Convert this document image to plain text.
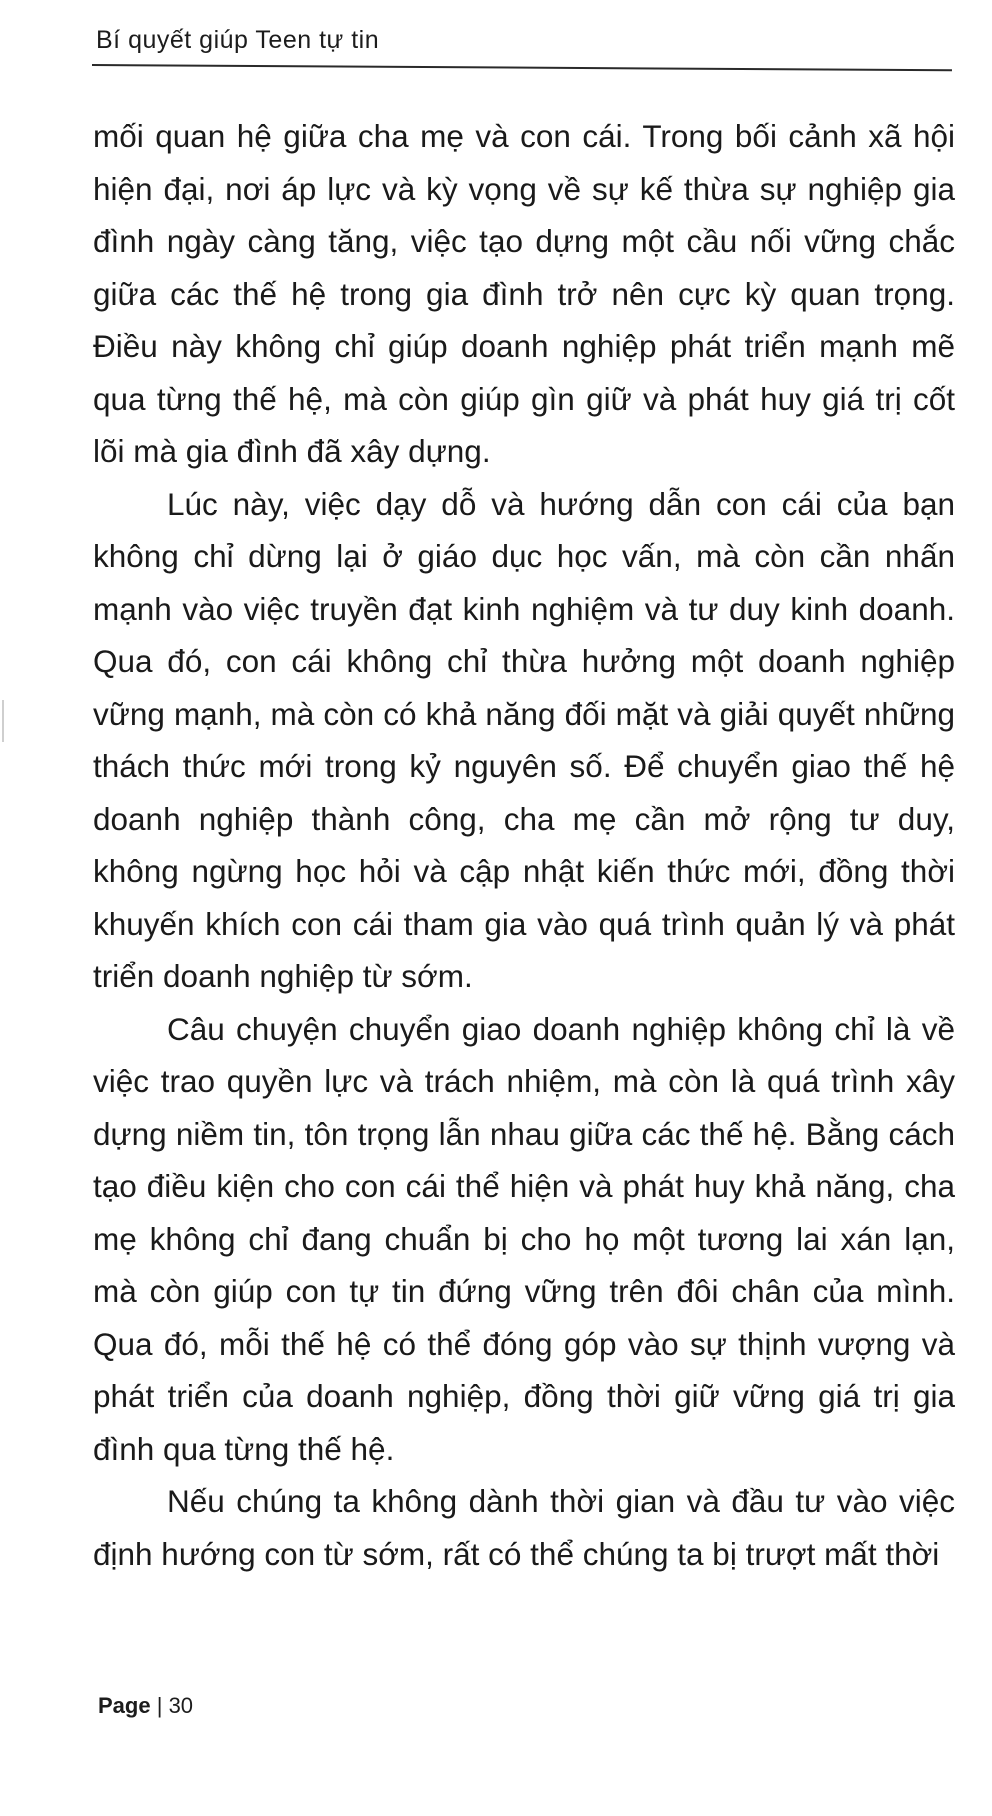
Bí quyết giúp Teen tự tin

mối quan hệ giữa cha mẹ và con cái. Trong bối cảnh xã hội hiện đại, nơi áp lực và kỳ vọng về sự kế thừa sự nghiệp gia đình ngày càng tăng, việc tạo dựng một cầu nối vững chắc giữa các thế hệ trong gia đình trở nên cực kỳ quan trọng. Điều này không chỉ giúp doanh nghiệp phát triển mạnh mẽ qua từng thế hệ, mà còn giúp gìn giữ và phát huy giá trị cốt lõi mà gia đình đã xây dựng.

Lúc này, việc dạy dỗ và hướng dẫn con cái của bạn không chỉ dừng lại ở giáo dục học vấn, mà còn cần nhấn mạnh vào việc truyền đạt kinh nghiệm và tư duy kinh doanh. Qua đó, con cái không chỉ thừa hưởng một doanh nghiệp vững mạnh, mà còn có khả năng đối mặt và giải quyết những thách thức mới trong kỷ nguyên số. Để chuyển giao thế hệ doanh nghiệp thành công, cha mẹ cần mở rộng tư duy, không ngừng học hỏi và cập nhật kiến thức mới, đồng thời khuyến khích con cái tham gia vào quá trình quản lý và phát triển doanh nghiệp từ sớm.

Câu chuyện chuyển giao doanh nghiệp không chỉ là về việc trao quyền lực và trách nhiệm, mà còn là quá trình xây dựng niềm tin, tôn trọng lẫn nhau giữa các thế hệ. Bằng cách tạo điều kiện cho con cái thể hiện và phát huy khả năng, cha mẹ không chỉ đang chuẩn bị cho họ một tương lai xán lạn, mà còn giúp con tự tin đứng vững trên đôi chân của mình. Qua đó, mỗi thế hệ có thể đóng góp vào sự thịnh vượng và phát triển của doanh nghiệp, đồng thời giữ vững giá trị gia đình qua từng thế hệ.

Nếu chúng ta không dành thời gian và đầu tư vào việc định hướng con từ sớm, rất có thể chúng ta bị trượt mất thời

Page | 30
